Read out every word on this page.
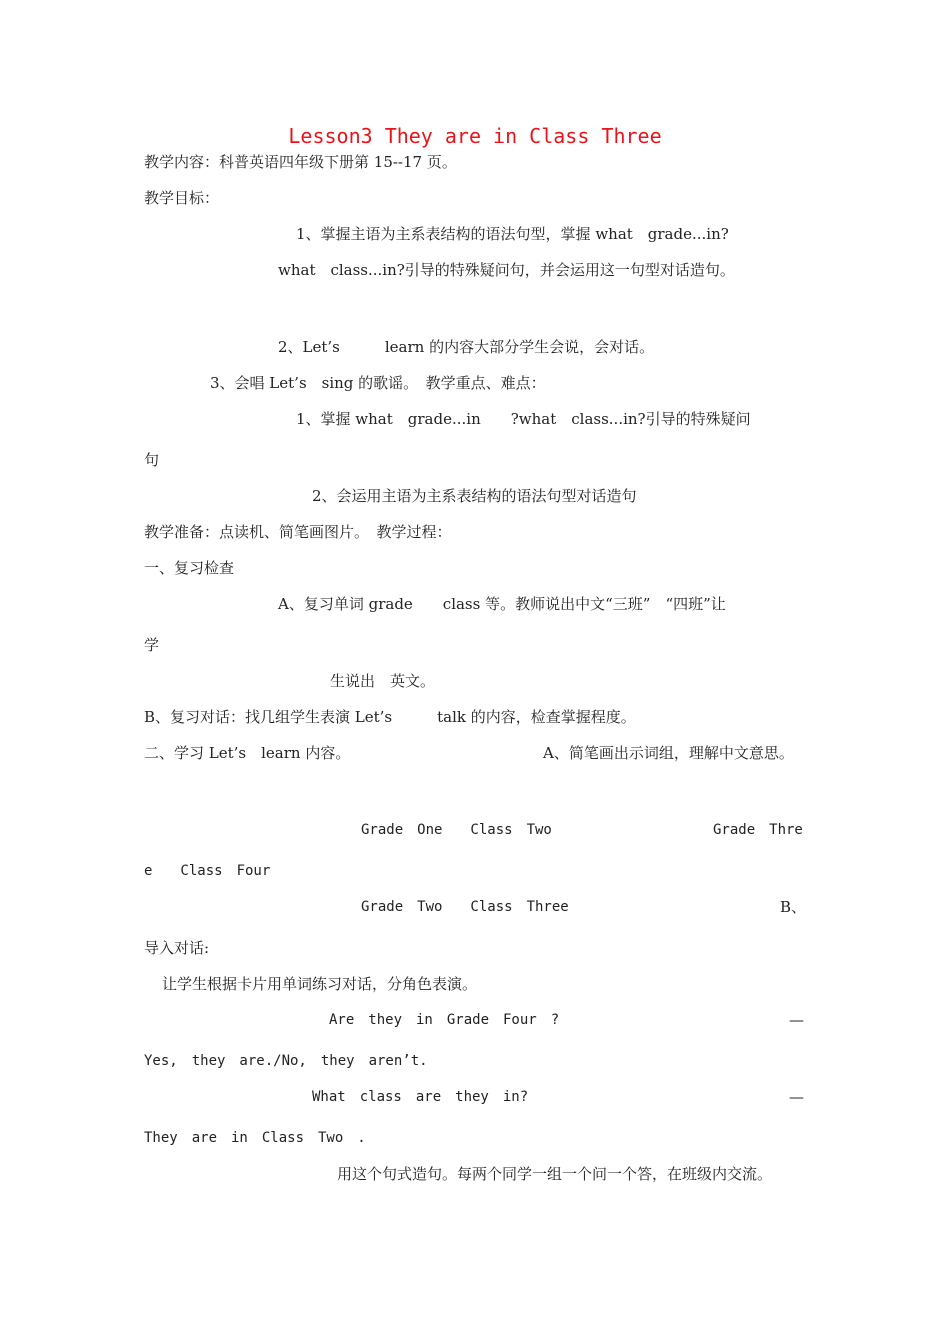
Lesson3 They are in Class Three
教学内容：科普英语四年级下册第 15--17 页。
教学目标：
1、掌握主语为主系表结构的语法句型，掌握 what　grade...in?
what　class...in?引导的特殊疑问句，并会运用这一句型对话造句。
2、Let’s　　　learn 的内容大部分学生会说，会对话。
3、会唱 Let’s　sing 的歌谣。　教学重点、难点：
1、掌握 what　grade...in　　?what　class...in?引导的特殊疑问
句
2、会运用主语为主系表结构的语法句型对话造句
教学准备：点读机、简笔画图片。　教学过程：
一、复习检查
A、复习单词 grade　　class 等。教师说出中文“三班”　“四班”让
学
生说出　英文。
B、复习对话：找几组学生表演 Let’s　　　talk 的内容，检查掌握程度。
二、学习 Let’s　learn 内容。	A、简笔画出示词组，理解中文意思。
Grade　One　　Class　Two	Grade　Thre
e　　Class　Four
Grade　Two　　Class　Three	B、
导入对话:
让学生根据卡片用单词练习对话，分角色表演。
Are　they　in　Grade　Four　?	—
Yes,　they　are./No,　they　aren’t.
What　class　are　they　in?	—
They　are　in　Class　Two　.
用这个句式造句。每两个同学一组一个问一个答，在班级内交流。
